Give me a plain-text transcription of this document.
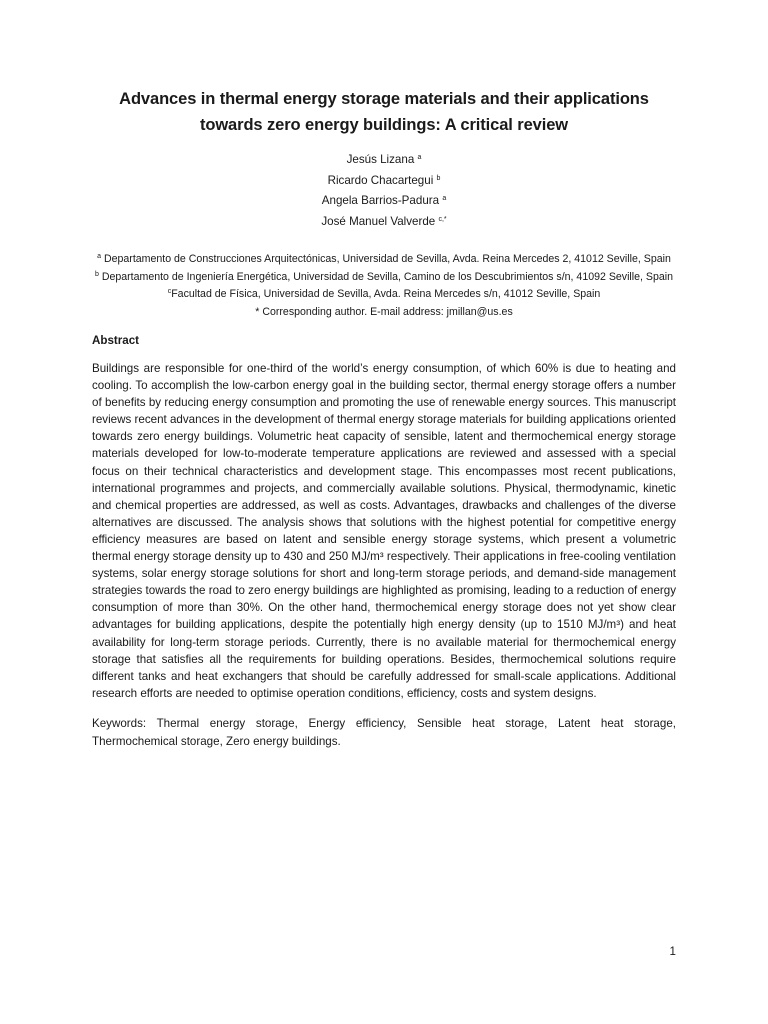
Advances in thermal energy storage materials and their applications
towards zero energy buildings: A critical review
Jesús Lizana $^a$
Ricardo Chacartegui $^b$
Angela Barrios-Padura $^a$
José Manuel Valverde $^{c,*}$
$^a$ Departamento de Construcciones Arquitectónicas, Universidad de Sevilla, Avda. Reina Mercedes 2, 41012 Seville, Spain
$^b$ Departamento de Ingeniería Energética, Universidad de Sevilla, Camino de los Descubrimientos s/n, 41092 Seville, Spain
$^c$Facultad de Física, Universidad de Sevilla, Avda. Reina Mercedes s/n, 41012 Seville, Spain
* Corresponding author. E-mail address: jmillan@us.es
Abstract

Buildings are responsible for one-third of the world’s energy consumption, of which 60% is due to heating and cooling. To accomplish the low-carbon energy goal in the building sector, thermal energy storage offers a number of benefits by reducing energy consumption and promoting the use of renewable energy sources. This manuscript reviews recent advances in the development of thermal energy storage materials for building applications oriented towards zero energy buildings. Volumetric heat capacity of sensible, latent and thermochemical energy storage materials developed for low-to-moderate temperature applications are reviewed and assessed with a special focus on their technical characteristics and development stage. This encompasses most recent publications, international programmes and projects, and commercially available solutions. Physical, thermodynamic, kinetic and chemical properties are addressed, as well as costs. Advantages, drawbacks and challenges of the diverse alternatives are discussed. The analysis shows that solutions with the highest potential for competitive energy efficiency measures are based on latent and sensible energy storage systems, which present a volumetric thermal energy storage density up to 430 and 250 MJ/m³ respectively. Their applications in free-cooling ventilation systems, solar energy storage solutions for short and long-term storage periods, and demand-side management strategies towards the road to zero energy buildings are highlighted as promising, leading to a reduction of energy consumption of more than 30%. On the other hand, thermochemical energy storage does not yet show clear advantages for building applications, despite the potentially high energy density (up to 1510 MJ/m³) and heat availability for long-term storage periods. Currently, there is no available material for thermochemical energy storage that satisfies all the requirements for building operations. Besides, thermochemical solutions require different tanks and heat exchangers that should be carefully addressed for small-scale applications. Additional research efforts are needed to optimise operation conditions, efficiency, costs and system designs.

Keywords: Thermal energy storage, Energy efficiency, Sensible heat storage, Latent heat storage, Thermochemical storage, Zero energy buildings.

1
